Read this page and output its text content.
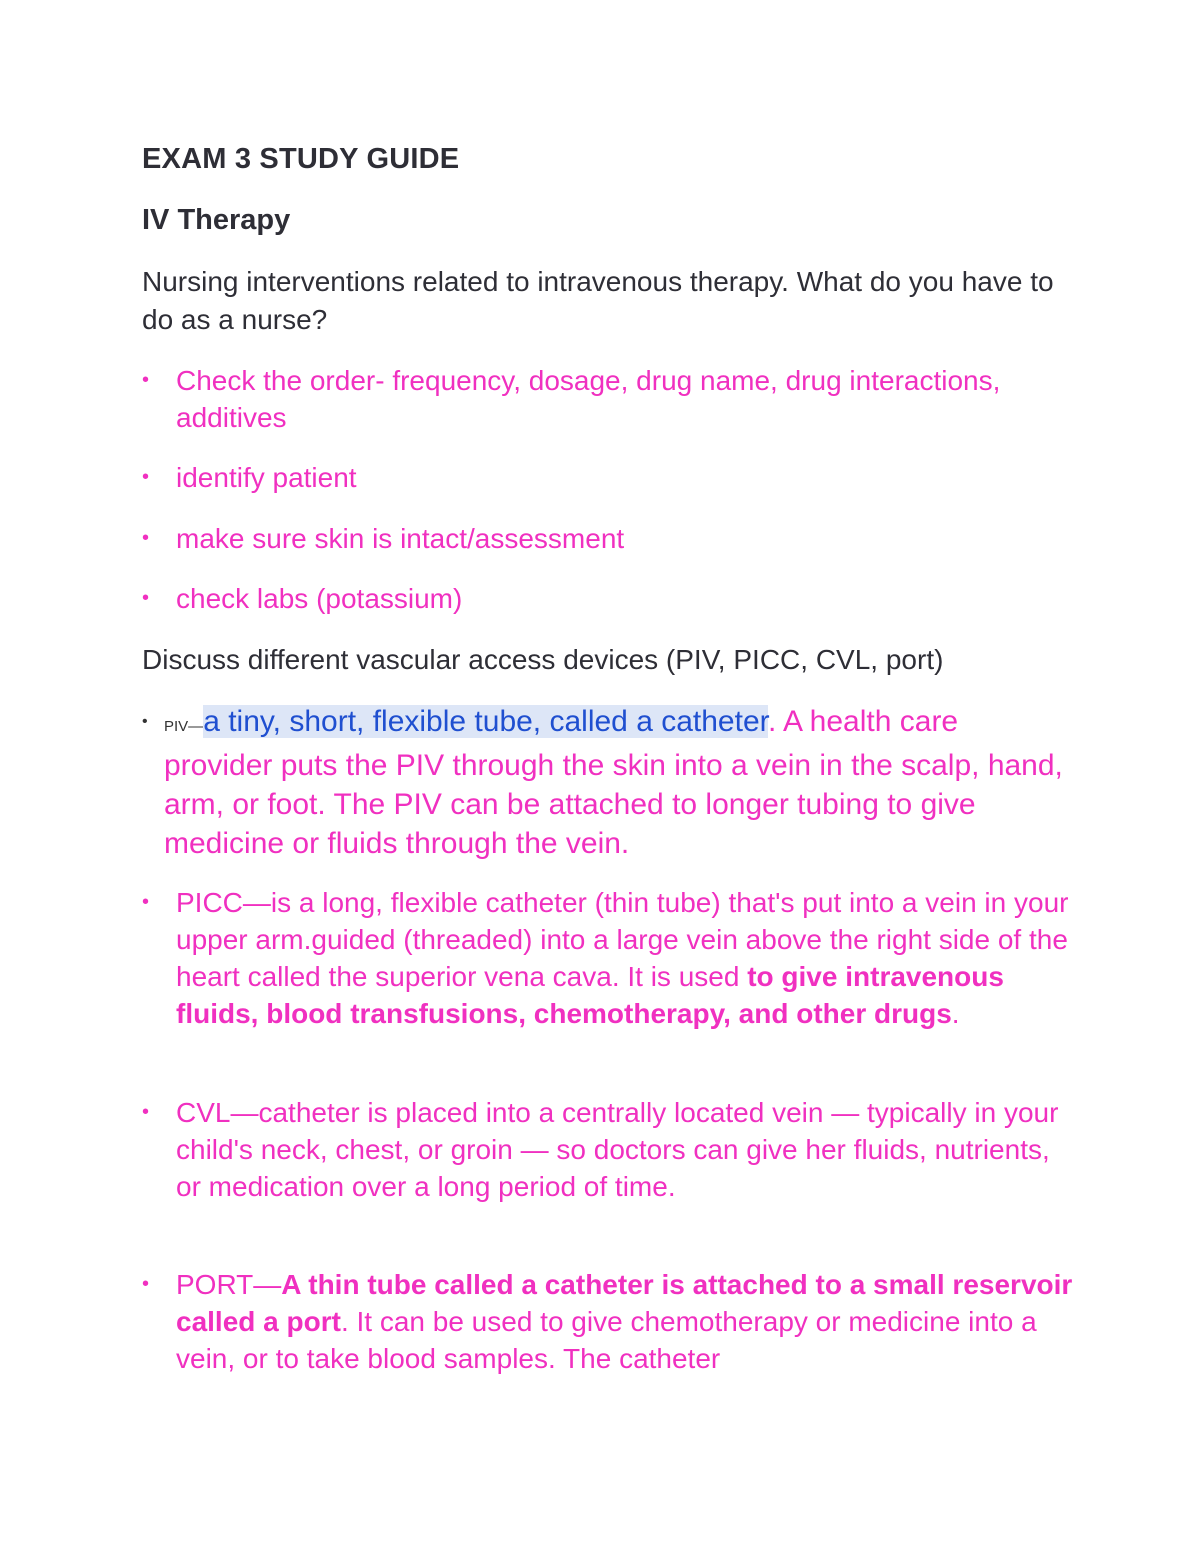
EXAM 3 STUDY GUIDE
IV Therapy
Nursing interventions related to intravenous therapy. What do you have to do as a nurse?
• Check the order- frequency, dosage, drug name, drug interactions, additives
• identify patient
• make sure skin is intact/assessment
• check labs (potassium)
Discuss different vascular access devices (PIV, PICC, CVL, port)
• PIV—a tiny, short, flexible tube, called a catheter. A health care provider puts the PIV through the skin into a vein in the scalp, hand, arm, or foot. The PIV can be attached to longer tubing to give medicine or fluids through the vein.
• PICC—is a long, flexible catheter (thin tube) that's put into a vein in your upper arm.guided (threaded) into a large vein above the right side of the heart called the superior vena cava. It is used to give intravenous fluids, blood transfusions, chemotherapy, and other drugs.
• CVL—catheter is placed into a centrally located vein — typically in your child's neck, chest, or groin — so doctors can give her fluids, nutrients, or medication over a long period of time.
• PORT—A thin tube called a catheter is attached to a small reservoir called a port. It can be used to give chemotherapy or medicine into a vein, or to take blood samples. The catheter
